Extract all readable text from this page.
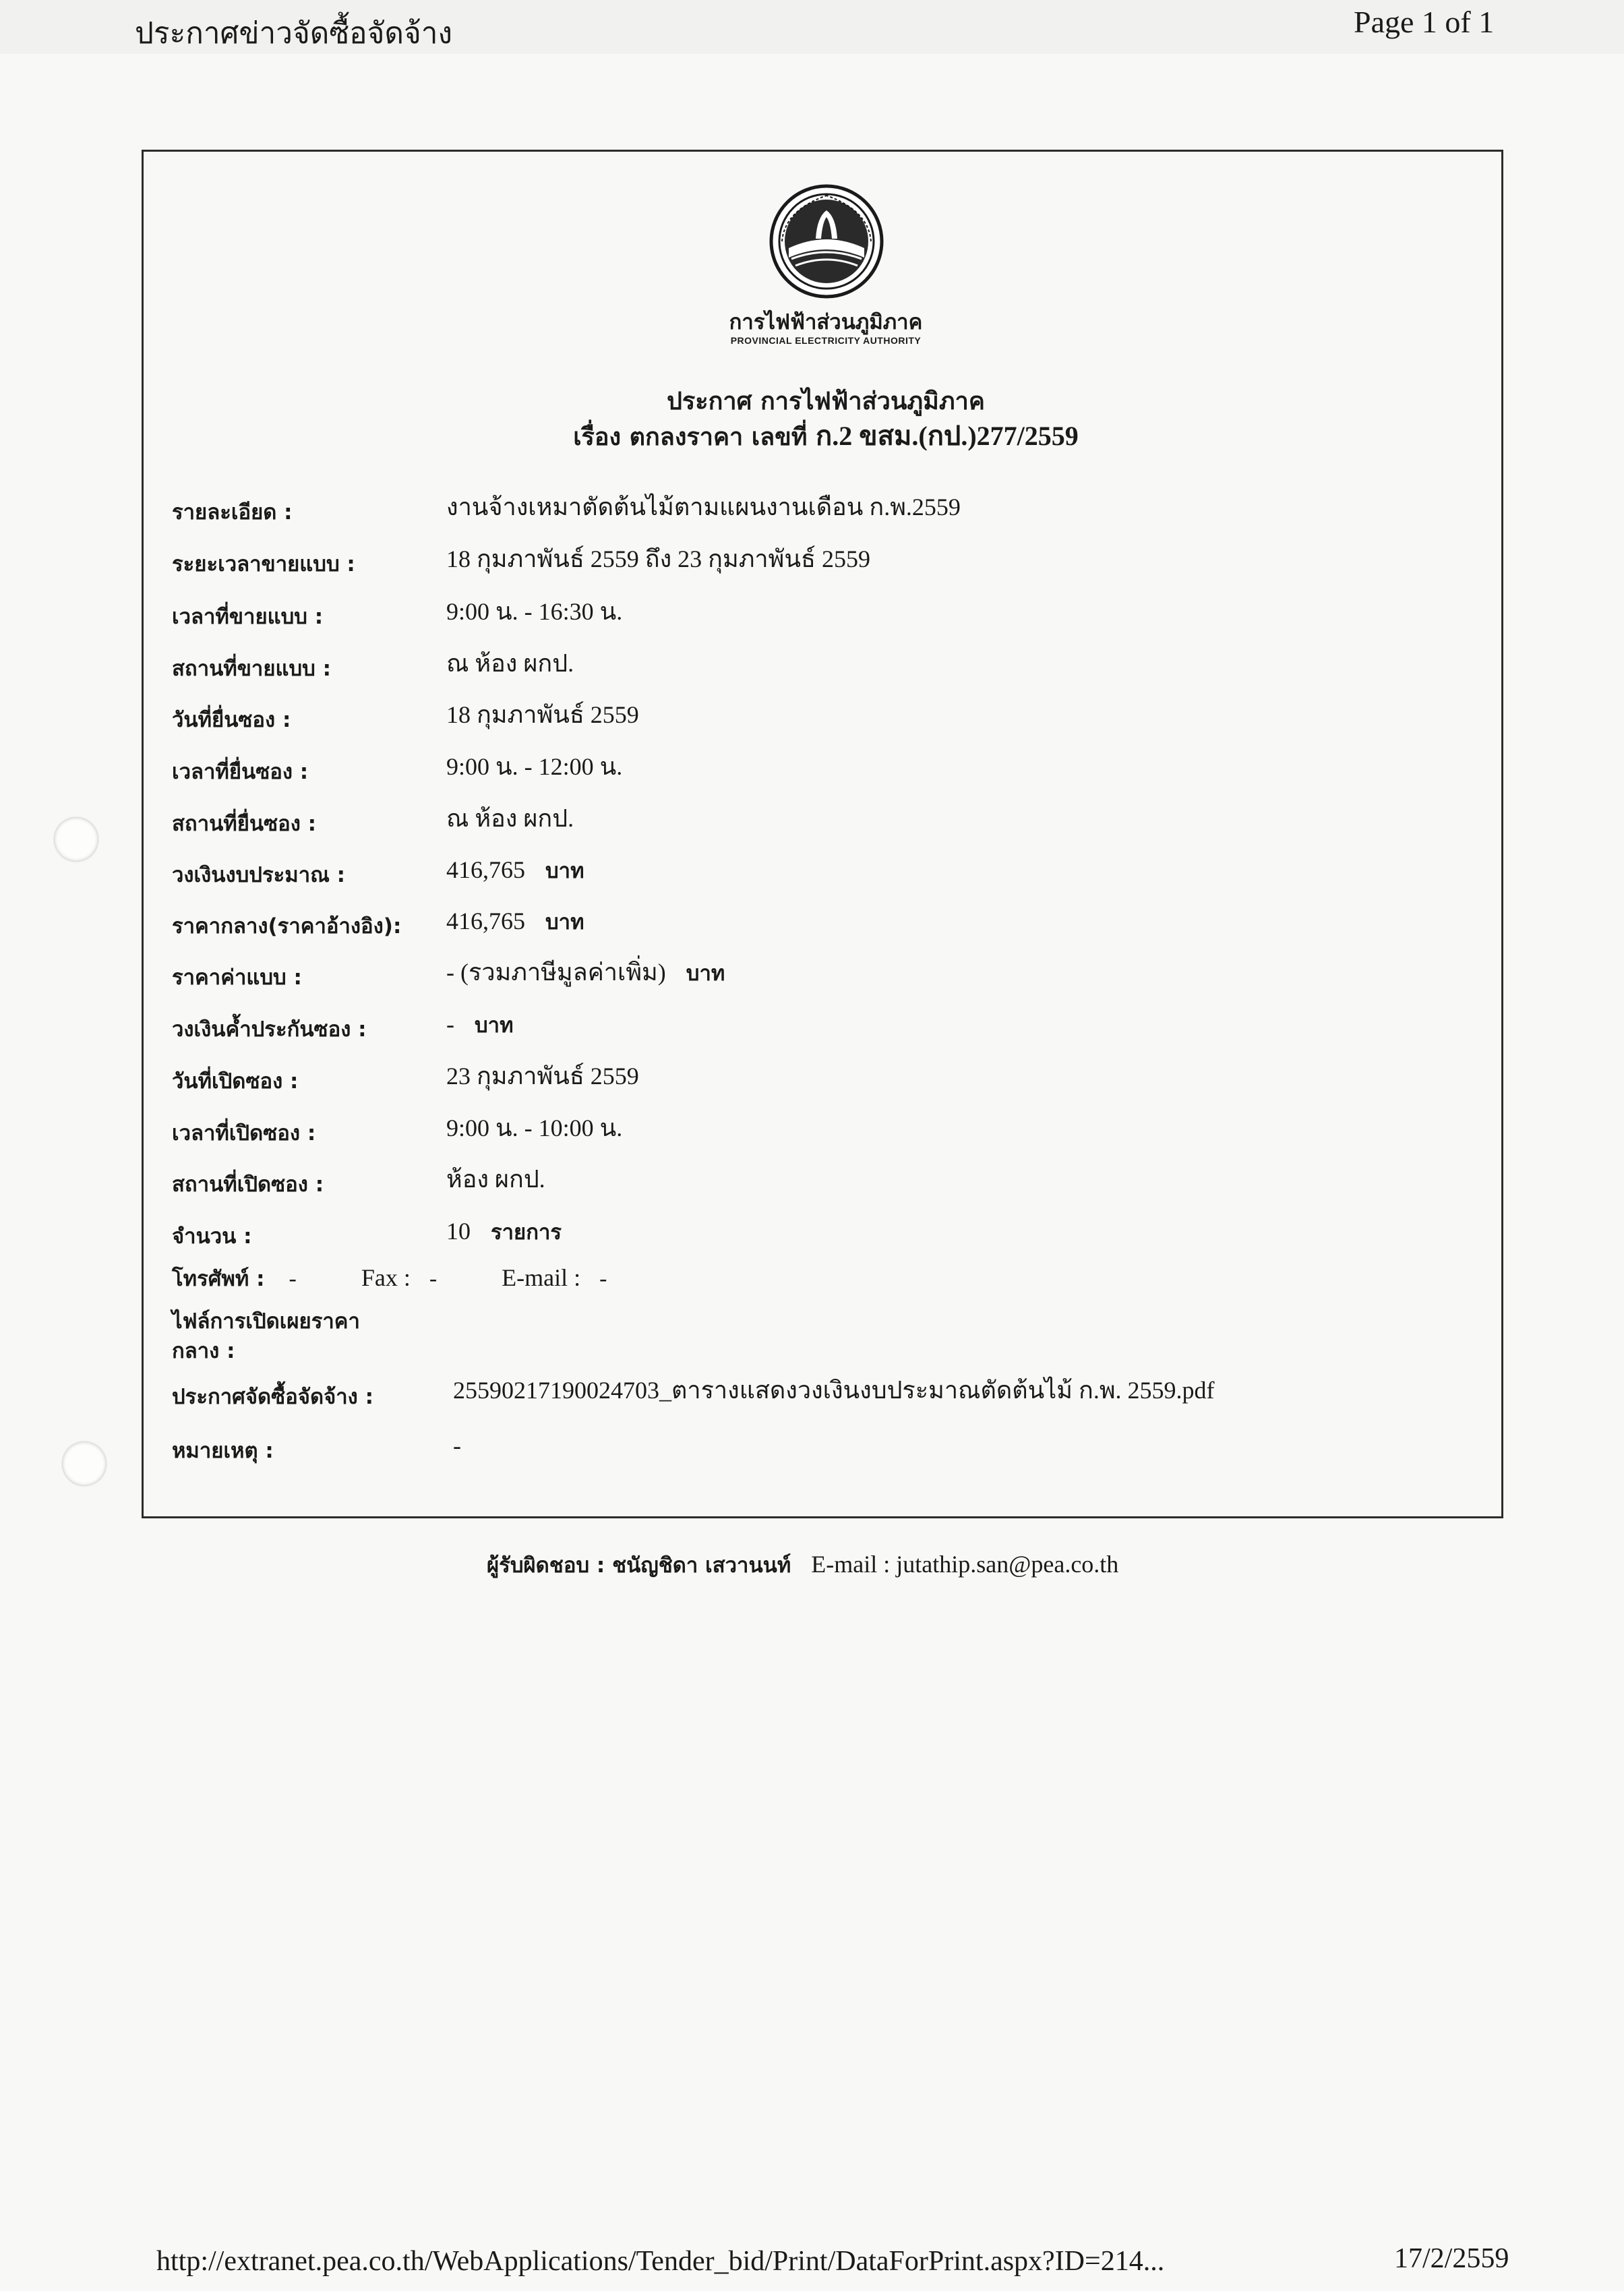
ประกาศข่าวจัดซื้อจัดจ้าง	Page 1 of 1
การไฟฟ้าส่วนภูมิภาค
PROVINCIAL ELECTRICITY AUTHORITY
ประกาศ การไฟฟ้าส่วนภูมิภาค
เรื่อง ตกลงราคา เลขที่ ก.2 ขสม.(กป.)277/2559
รายละเอียด :	งานจ้างเหมาตัดต้นไม้ตามแผนงานเดือน ก.พ.2559
ระยะเวลาขายแบบ :	18 กุมภาพันธ์ 2559 ถึง 23 กุมภาพันธ์ 2559
เวลาที่ขายแบบ :	9:00 น. - 16:30 น.
สถานที่ขายแบบ :	ณ ห้อง ผกป.
วันที่ยื่นซอง :	18 กุมภาพันธ์ 2559
เวลาที่ยื่นซอง :	9:00 น. - 12:00 น.
สถานที่ยื่นซอง :	ณ ห้อง ผกป.
วงเงินงบประมาณ :	416,765 บาท
ราคากลาง(ราคาอ้างอิง): 416,765 บาท
ราคาค่าแบบ :	- (รวมภาษีมูลค่าเพิ่ม) บาท
วงเงินค้ำประกันซอง :	- บาท
วันที่เปิดซอง :	23 กุมภาพันธ์ 2559
เวลาที่เปิดซอง :	9:00 น. - 10:00 น.
สถานที่เปิดซอง :	ห้อง ผกป.
จำนวน :	10 รายการ
โทรศัพท์ : -	Fax : -	E-mail : -
ไฟล์การเปิดเผยราคา
กลาง :
ประกาศจัดซื้อจัดจ้าง :	25590217190024703_ตารางแสดงวงเงินงบประมาณตัดต้นไม้ ก.พ. 2559.pdf
หมายเหตุ :	-
ผู้รับผิดชอบ : ชนัญชิดา เสวานนท์ E-mail : jutathip.san@pea.co.th
http://extranet.pea.co.th/WebApplications/Tender_bid/Print/DataForPrint.aspx?ID=214...	17/2/2559
